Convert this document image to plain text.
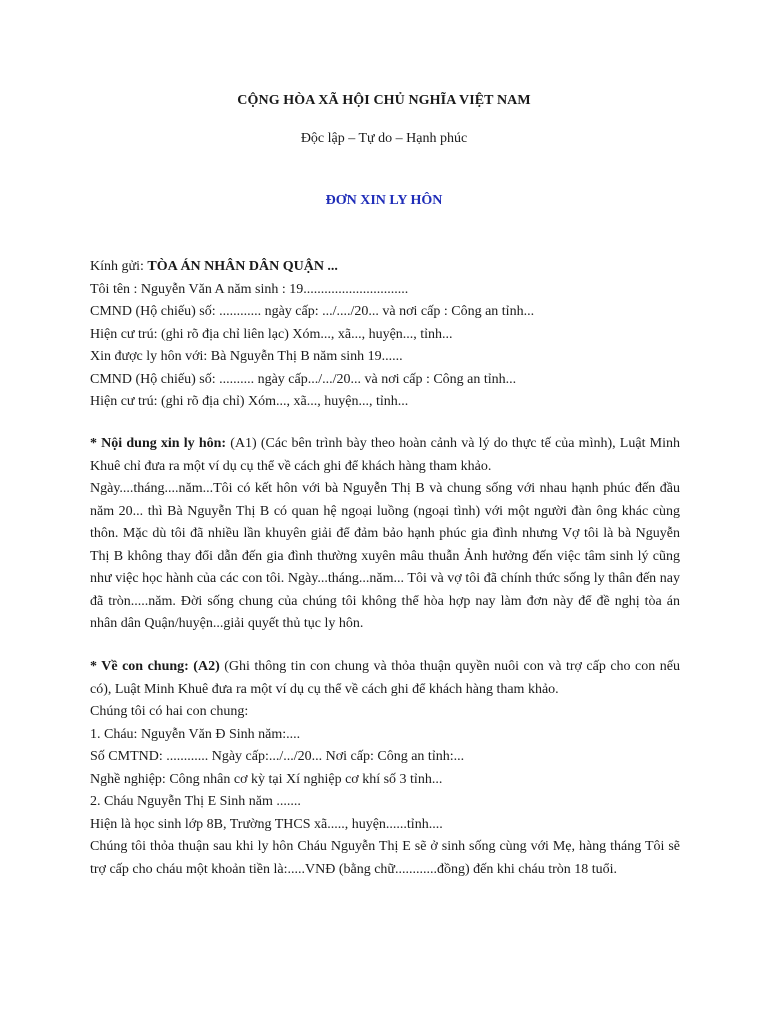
CỘNG HÒA XÃ HỘI CHỦ NGHĨA VIỆT NAM
Độc lập – Tự do – Hạnh phúc
ĐƠN XIN LY HÔN

Kính gửi: TÒA ÁN NHÂN DÂN QUẬN ...

Tôi tên : Nguyễn Văn A năm sinh : 19..............................

CMND (Hộ chiếu) số: ............ ngày cấp: .../..../20... và nơi cấp : Công an tỉnh...

Hiện cư trú: (ghi rõ địa chỉ liên lạc) Xóm..., xã..., huyện..., tỉnh...

Xin được ly hôn với: Bà Nguyễn Thị B năm sinh 19......

CMND (Hộ chiếu) số: .......... ngày cấp.../.../20... và nơi cấp : Công an tỉnh...

Hiện cư trú: (ghi rõ địa chỉ) Xóm..., xã..., huyện..., tỉnh...

* Nội dung xin ly hôn: (A1) (Các bên trình bày theo hoàn cảnh và lý do thực tế của mình), Luật Minh Khuê chỉ đưa ra một ví dụ cụ thể về cách ghi để khách hàng tham khảo.

Ngày....tháng....năm...Tôi có kết hôn với bà Nguyễn Thị B và chung sống với nhau hạnh phúc đến đầu năm 20... thì Bà Nguyễn Thị B có quan hệ ngoại luồng (ngoại tình) với một người đàn ông khác cùng thôn. Mặc dù tôi đã nhiều lần khuyên giải để đảm bảo hạnh phúc gia đình nhưng Vợ tôi là bà Nguyễn Thị B không thay đổi dẫn đến gia đình thường xuyên mâu thuẫn Ảnh hưởng đến việc tâm sinh lý cũng như việc học hành của các con tôi. Ngày...tháng...năm... Tôi và vợ tôi đã chính thức sống ly thân đến nay đã tròn.....năm. Đời sống chung của chúng tôi không thể hòa hợp nay làm đơn này để đề nghị tòa án nhân dân Quận/huyện...giải quyết thủ tục ly hôn.

* Về con chung: (A2) (Ghi thông tin con chung và thỏa thuận quyền nuôi con và trợ cấp cho con nếu có), Luật Minh Khuê đưa ra một ví dụ cụ thể về cách ghi để khách hàng tham khảo.

Chúng tôi có hai con chung:

1. Cháu: Nguyễn Văn Đ Sinh năm:....

Số CMTND: ............ Ngày cấp:.../.../20... Nơi cấp: Công an tỉnh:...

Nghề nghiệp: Công nhân cơ kỳ tại Xí nghiệp cơ khí số 3 tỉnh...

2. Cháu Nguyễn Thị E Sinh năm .......

Hiện là học sinh lớp 8B, Trường THCS xã....., huyện......tỉnh....

Chúng tôi thỏa thuận sau khi ly hôn Cháu Nguyễn Thị E sẽ ở sinh sống cùng với Mẹ, hàng tháng Tôi sẽ trợ cấp cho cháu một khoản tiền là:.....VNĐ (bằng chữ............đồng) đến khi cháu tròn 18 tuổi.
